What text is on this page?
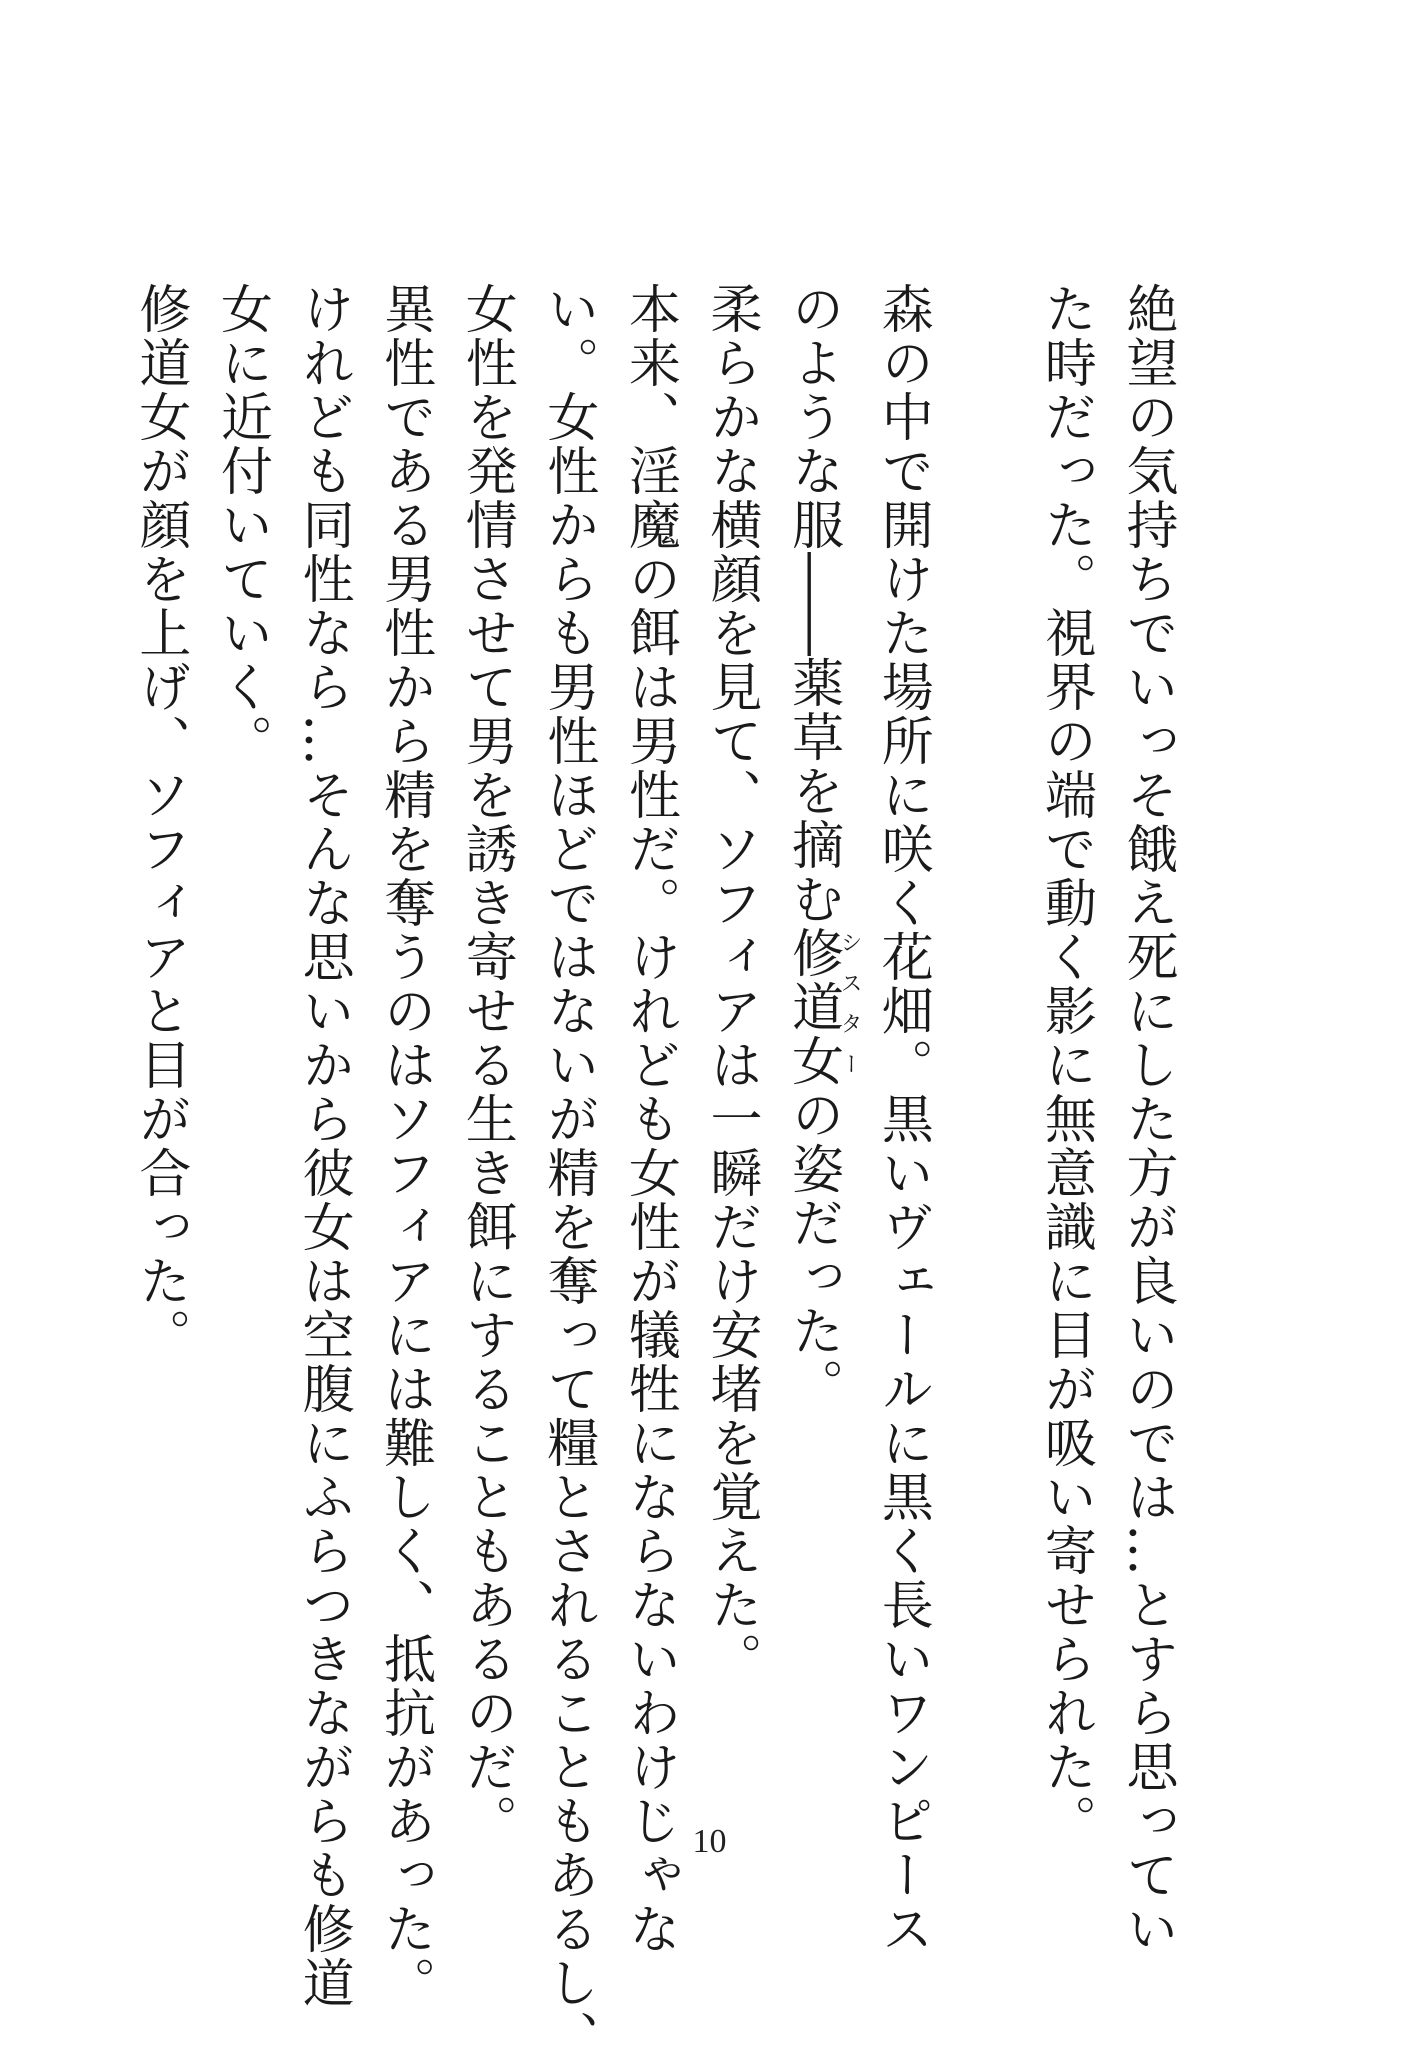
絶望の気持ちでいっそ餓え死にした方が良いのでは…とすら思ってい
た時だった。視界の端で動く影に無意識に目が吸い寄せられた。
森の中で開けた場所に咲く花畑。黒いヴェールに黒く長いワンピース
のような服――薬草を摘む修道女シスターの姿だった。
柔らかな横顔を見て、ソフィアは一瞬だけ安堵を覚えた。
本来、淫魔の餌は男性だ。けれども女性が犠牲にならないわけじゃな
い。女性からも男性ほどではないが精を奪って糧とされることもあるし、
女性を発情させて男を誘き寄せる生き餌にすることもあるのだ。
異性である男性から精を奪うのはソフィアには難しく、抵抗があった。
けれども同性なら…そんな思いから彼女は空腹にふらつきながらも修道
女に近付いていく。
修道女が顔を上げ、ソフィアと目が合った。
10
